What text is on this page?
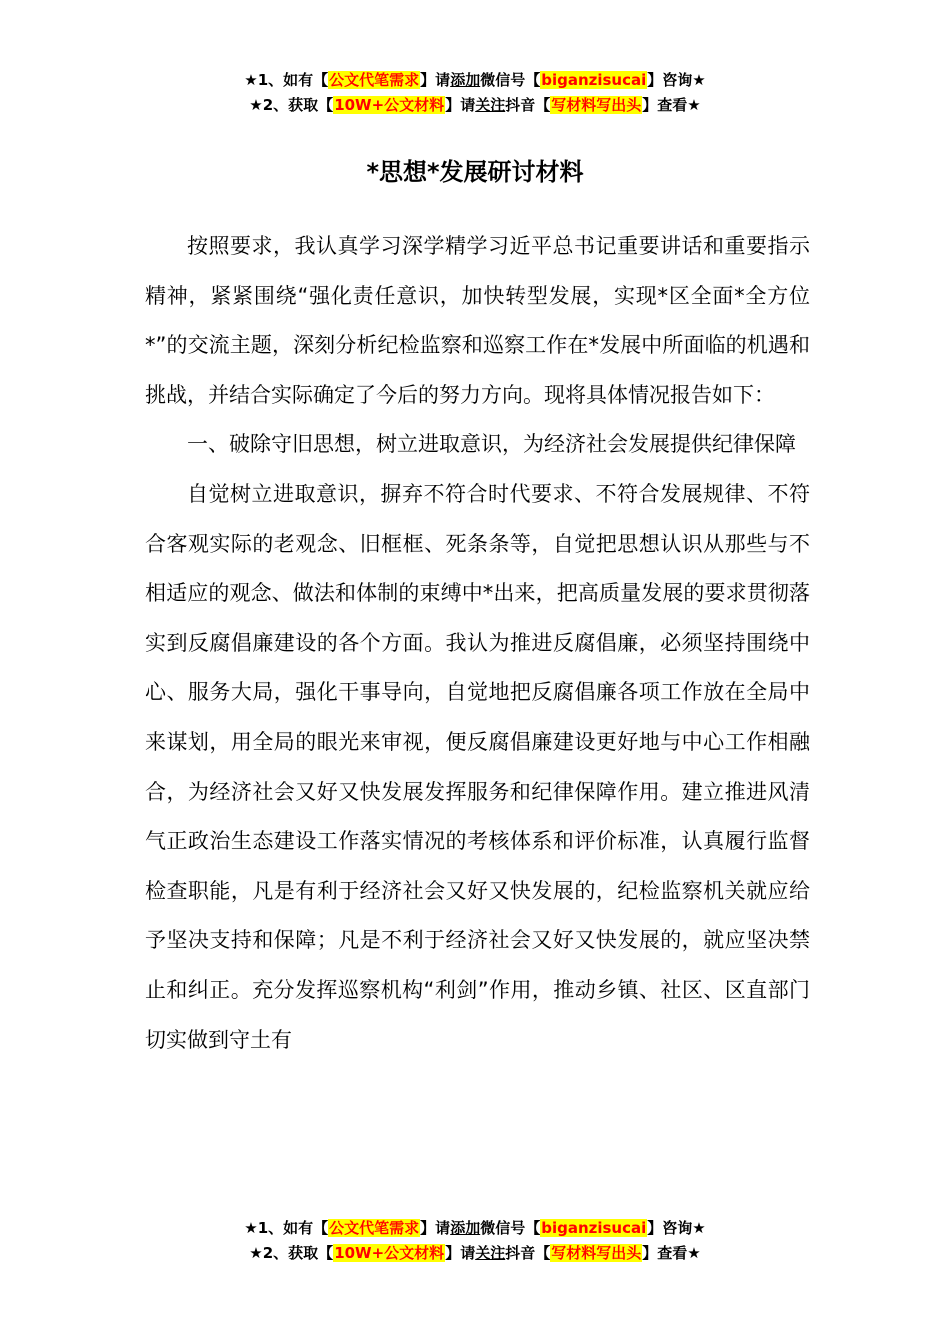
★1、如有【公文代笔需求】请添加微信号【biganzisucai】咨询★
★2、获取【10W+公文材料】请关注抖音【写材料写出头】查看★
*思想*发展研讨材料

按照要求，我认真学习深学精学习近平总书记重要讲话和重要指示精神，紧紧围绕“强化责任意识，加快转型发展，实现*区全面*全方位*”的交流主题，深刻分析纪检监察和巡察工作在*发展中所面临的机遇和挑战，并结合实际确定了今后的努力方向。现将具体情况报告如下：

一、破除守旧思想，树立进取意识，为经济社会发展提供纪律保障

自觉树立进取意识，摒弃不符合时代要求、不符合发展规律、不符合客观实际的老观念、旧框框、死条条等，自觉把思想认识从那些与不相适应的观念、做法和体制的束缚中*出来，把高质量发展的要求贯彻落实到反腐倡廉建设的各个方面。我认为推进反腐倡廉，必须坚持围绕中心、服务大局，强化干事导向，自觉地把反腐倡廉各项工作放在全局中来谋划，用全局的眼光来审视，便反腐倡廉建设更好地与中心工作相融合，为经济社会又好又快发展发挥服务和纪律保障作用。建立推进风清气正政治生态建设工作落实情况的考核体系和评价标准，认真履行监督检查职能，凡是有利于经济社会又好又快发展的，纪检监察机关就应给予坚决支持和保障；凡是不利于经济社会又好又快发展的，就应坚决禁止和纠正。充分发挥巡察机构“利剑”作用，推动乡镇、社区、区直部门切实做到守土有

★1、如有【公文代笔需求】请添加微信号【biganzisucai】咨询★
★2、获取【10W+公文材料】请关注抖音【写材料写出头】查看★
